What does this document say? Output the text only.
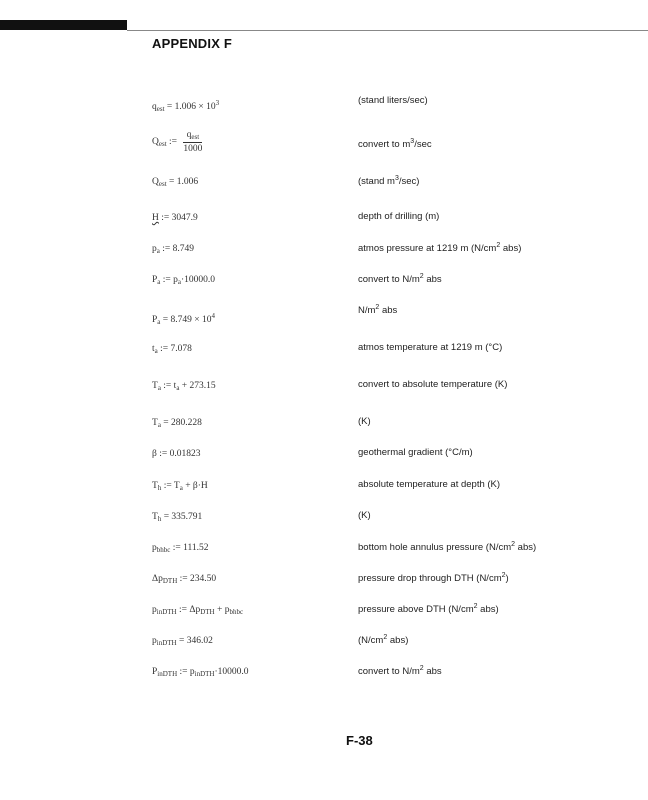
APPENDIX F
$q_{est} = 1.006 \times 10^3$	(stand liters/sec)
$Q_{est}$ := $\frac{q_{est}}{1000}$	convert to $m^3/\sec$
$Q_{est} = 1.006$	(stand $m^3/\sec$)
H := 3047.9	depth of drilling (m)
$p_a$ := 8.749	atmos pressure at 1219 m ($N/cm^2$ abs)
$P_a$ := $p_a\cdot 10000.0$	convert to $N/m^2$ abs
$P_a = 8.749 \times 10^4$	$N/m^2$ abs
$t_a$ := 7.078	atmos temperature at 1219 m (°C)
$T_a$ := $t_a + 273.15$	convert to absolute temperature (K)
$T_a = 280.228$	(K)
β := 0.01823	geothermal gradient (°C/m)
$T_h$ := $T_a + \beta\cdot H$	absolute temperature at depth (K)
$T_h = 335.791$	(K)
$p_{bhbc}$ := 111.52	bottom hole annulus pressure ($N/cm^2$ abs)
$\Delta p_{DTH}$ := 234.50	pressure drop through DTH $(N/cm^2)$
$p_{inDTH}$ := $\Delta p_{DTH} + p_{bhbc}$	pressure above DTH ($N/cm^2$ abs)
$p_{inDTH} = 346.02$	($N/cm^2$ abs)
$P_{inDTH}$ := $p_{inDTH}\cdot 10000.0$	convert to $N/m^2$ abs
F-38
